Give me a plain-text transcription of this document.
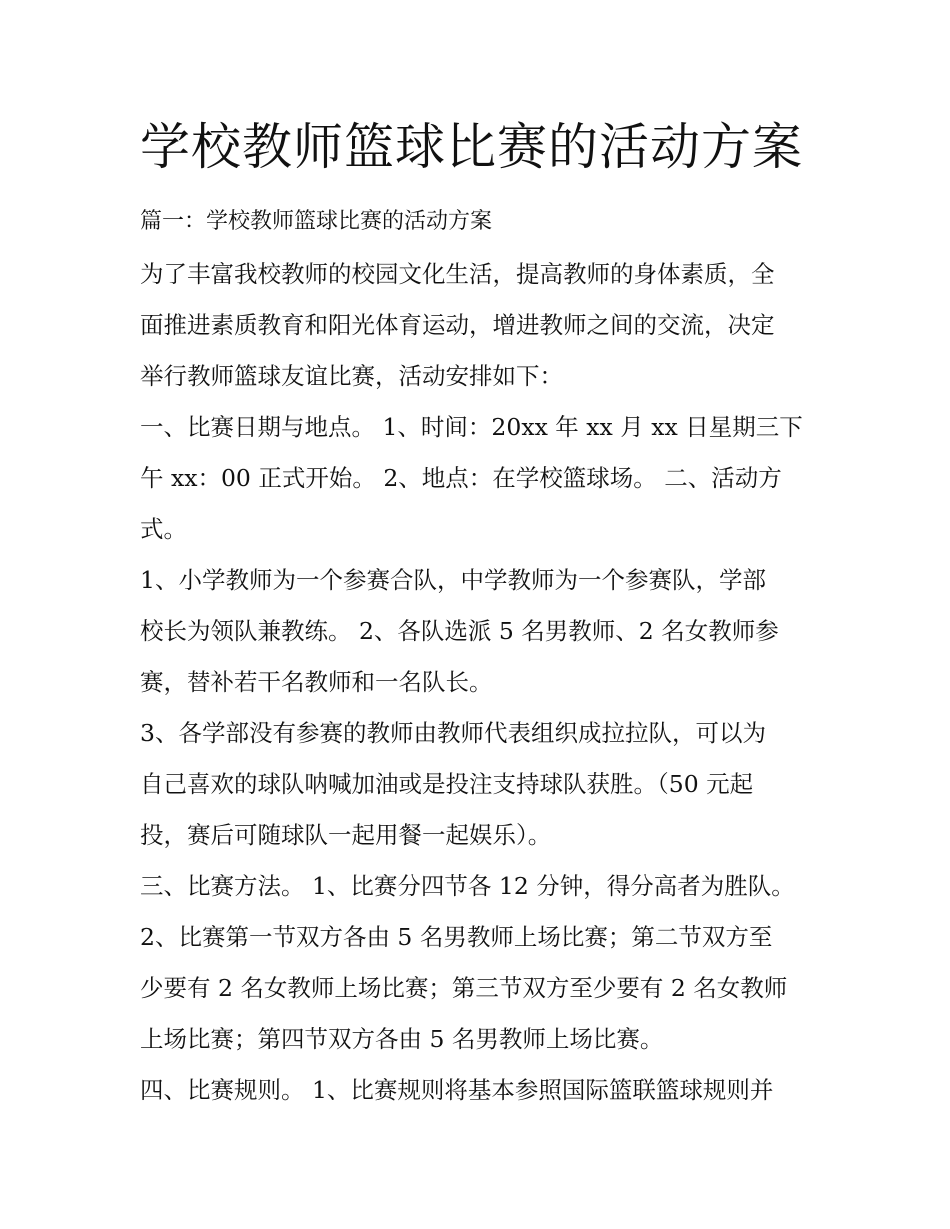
学校教师篮球比赛的活动方案

篇一：学校教师篮球比赛的活动方案

为了丰富我校教师的校园文化生活，提高教师的身体素质，全

面推进素质教育和阳光体育运动，增进教师之间的交流，决定

举行教师篮球友谊比赛，活动安排如下：

一、比赛日期与地点。 1、时间：20xx 年 xx 月 xx 日星期三下

午 xx：00 正式开始。 2、地点：在学校篮球场。 二、活动方

式。

1、小学教师为一个参赛合队，中学教师为一个参赛队，学部

校长为领队兼教练。 2、各队选派 5 名男教师、2 名女教师参

赛，替补若干名教师和一名队长。

3、各学部没有参赛的教师由教师代表组织成拉拉队，可以为

自己喜欢的球队呐喊加油或是投注支持球队获胜。（50 元起

投，赛后可随球队一起用餐一起娱乐）。

三、比赛方法。 1、比赛分四节各 12 分钟，得分高者为胜队。

2、比赛第一节双方各由 5 名男教师上场比赛；第二节双方至

少要有 2 名女教师上场比赛；第三节双方至少要有 2 名女教师

上场比赛；第四节双方各由 5 名男教师上场比赛。

四、比赛规则。 1、比赛规则将基本参照国际篮联篮球规则并
